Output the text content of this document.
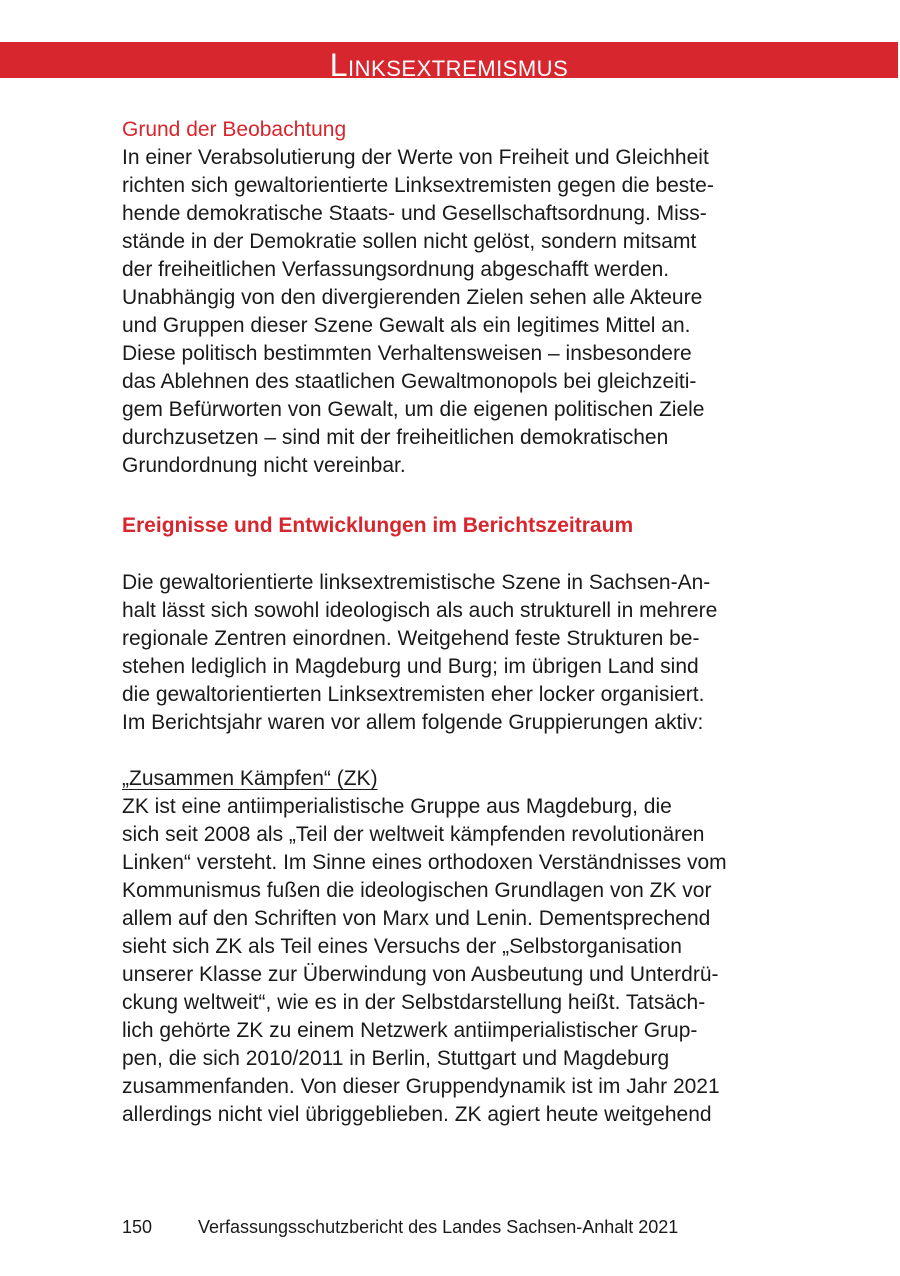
Linksextremismus
Grund der Beobachtung
In einer Verabsolutierung der Werte von Freiheit und Gleichheit
richten sich gewaltorientierte Linksextremisten gegen die beste-
hende demokratische Staats- und Gesellschaftsordnung. Miss-
stände in der Demokratie sollen nicht gelöst, sondern mitsamt
der freiheitlichen Verfassungsordnung abgeschafft werden.
Unabhängig von den divergierenden Zielen sehen alle Akteure
und Gruppen dieser Szene Gewalt als ein legitimes Mittel an.
Diese politisch bestimmten Verhaltensweisen – insbesondere
das Ablehnen des staatlichen Gewaltmonopols bei gleichzeiti-
gem Befürworten von Gewalt, um die eigenen politischen Ziele
durchzusetzen – sind mit der freiheitlichen demokratischen
Grundordnung nicht vereinbar.
Ereignisse und Entwicklungen im Berichtszeitraum
Die gewaltorientierte linksextremistische Szene in Sachsen-An-
halt lässt sich sowohl ideologisch als auch strukturell in mehrere
regionale Zentren einordnen. Weitgehend feste Strukturen be-
stehen lediglich in Magdeburg und Burg; im übrigen Land sind
die gewaltorientierten Linksextremisten eher locker organisiert.
Im Berichtsjahr waren vor allem folgende Gruppierungen aktiv:
„Zusammen Kämpfen“ (ZK)
ZK ist eine antiimperialistische Gruppe aus Magdeburg, die
sich seit 2008 als „Teil der weltweit kämpfenden revolutionären
Linken“ versteht. Im Sinne eines orthodoxen Verständnisses vom
Kommunismus fußen die ideologischen Grundlagen von ZK vor
allem auf den Schriften von Marx und Lenin. Dementsprechend
sieht sich ZK als Teil eines Versuchs der „Selbstorganisation
unserer Klasse zur Überwindung von Ausbeutung und Unterdrü-
ckung weltweit“, wie es in der Selbstdarstellung heißt. Tatsäch-
lich gehörte ZK zu einem Netzwerk antiimperialistischer Grup-
pen, die sich 2010/2011 in Berlin, Stuttgart und Magdeburg
zusammenfanden. Von dieser Gruppendynamik ist im Jahr 2021
allerdings nicht viel übriggeblieben. ZK agiert heute weitgehend
150	Verfassungsschutzbericht des Landes Sachsen-Anhalt 2021
